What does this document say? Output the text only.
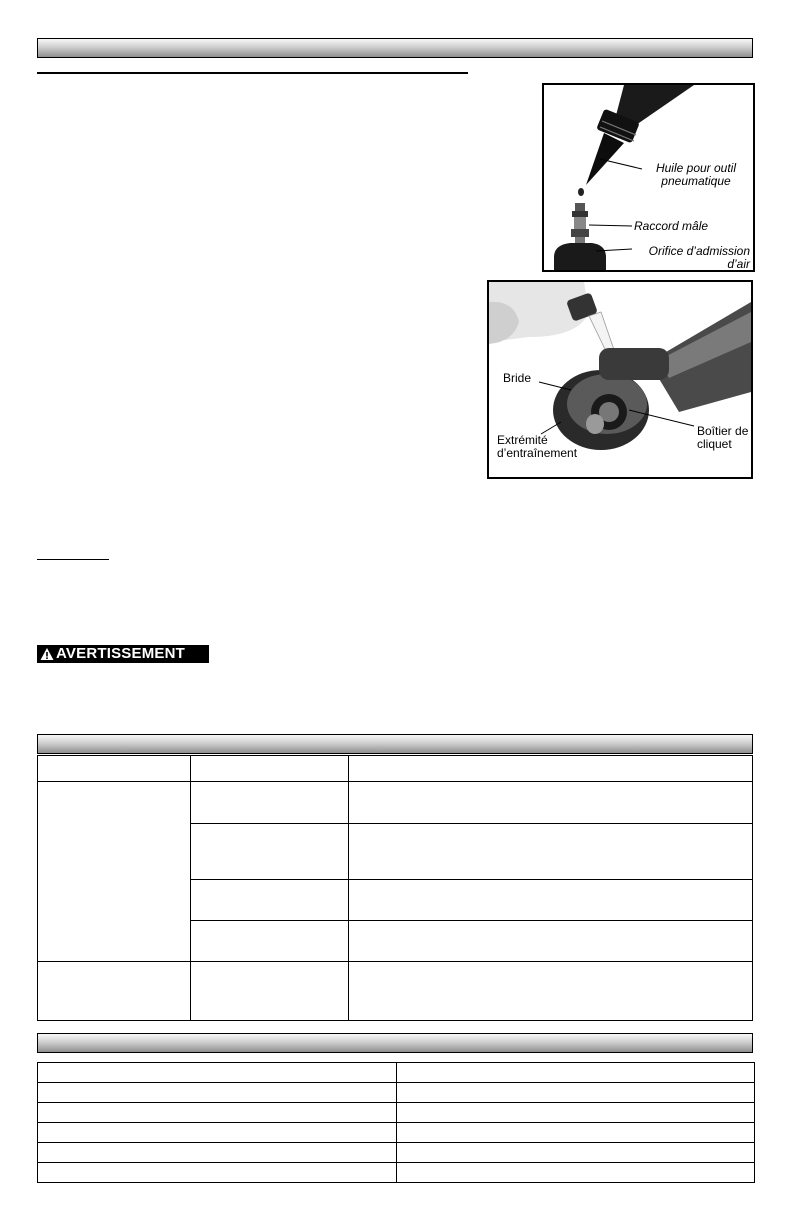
Huile pour outil pneumatique
Raccord mâle
Orifice d’admission d’air
Bride
Extrémité d’entraînement
Boîtier de cliquet
AVERTISSEMENT
